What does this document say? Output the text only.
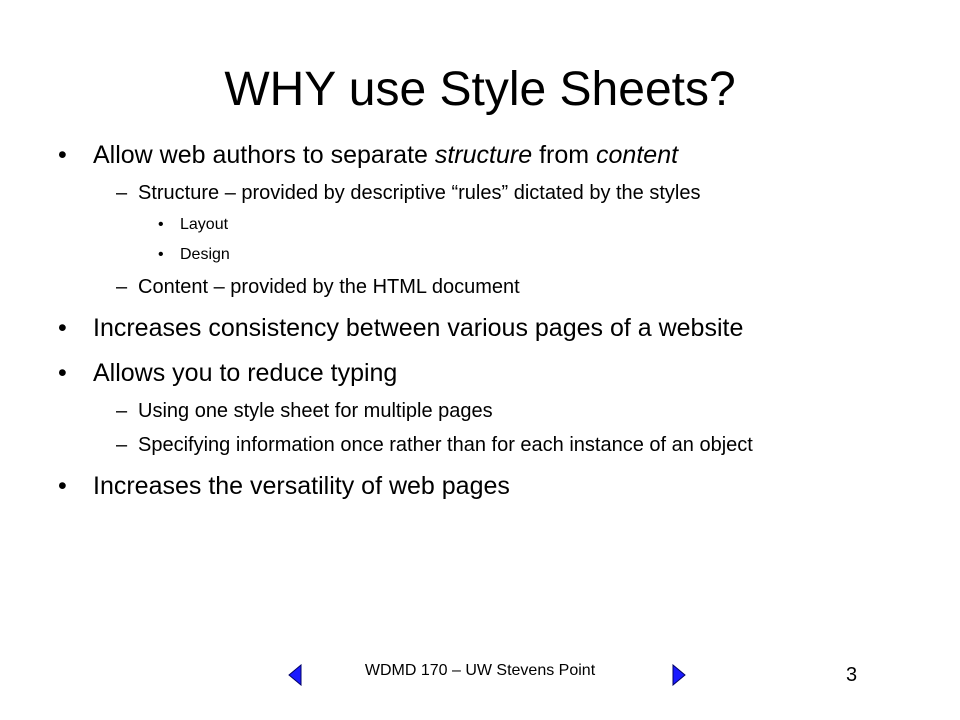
WHY use Style Sheets?
• Allow web authors to separate structure from content
– Structure – provided by descriptive “rules” dictated by the styles
• Layout
• Design
– Content – provided by the HTML document
• Increases consistency between various pages of a website
• Allows you to reduce typing
– Using one style sheet for multiple pages
– Specifying information once rather than for each instance of an object
• Increases the versatility of web pages
WDMD 170 – UW Stevens Point	3
